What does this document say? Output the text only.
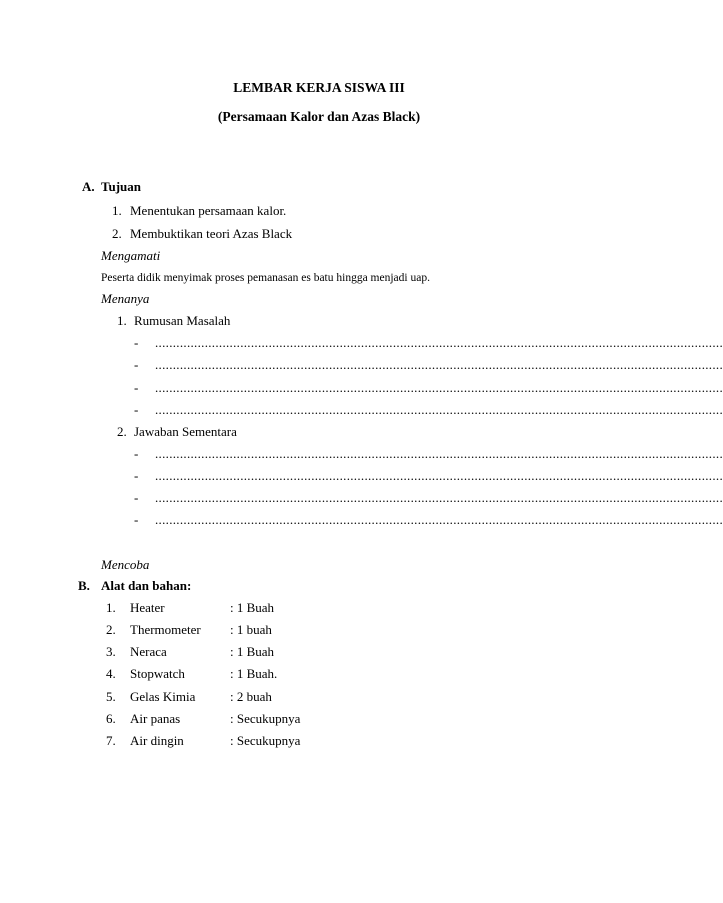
LEMBAR KERJA SISWA III
(Persamaan Kalor dan Azas Black)
A. Tujuan
1. Menentukan persamaan kalor.
2. Membuktikan teori Azas Black
Mengamati
Peserta didik menyimak proses pemanasan es batu hingga menjadi uap.
Menanya
1. Rumusan Masalah
- ................................................................................................................................................................
- ................................................................................................................................................................
- ................................................................................................................................................................
- ................................................................................................................................................................
2. Jawaban Sementara
- ................................................................................................................................................................
- ................................................................................................................................................................
- ................................................................................................................................................................
- ................................................................................................................................................................
Mencoba
B. Alat dan bahan:
1. Heater	: 1 Buah
2. Thermometer : 1 buah
3. Neraca	: 1 Buah
4. Stopwatch	: 1 Buah.
5. Gelas Kimia	: 2 buah
6. Air panas	: Secukupnya
7. Air dingin	: Secukupnya
